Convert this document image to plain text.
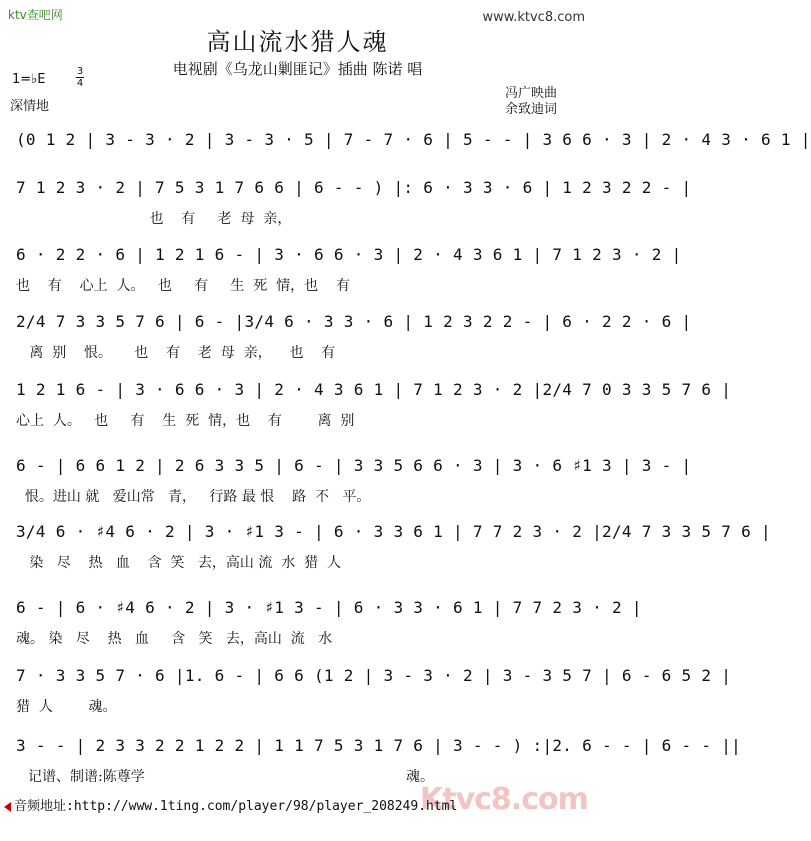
ktv查吧网	www.ktvc8.com
高山流水猎人魂
电视剧《乌龙山剿匪记》插曲 陈诺 唱
1=♭E
3
4
深情地
冯广映曲
余致迪词
(0 1 2 | 3 - 3 · 2 | 3 - 3 · 5 | 7 - 7 · 6 | 5 - - | 3 6 6 · 3 | 2 · 4 3 · 6 1 |
7 1 2 3 · 2 | 7 5 3 1 7 6 6 | 6 - - ) |: 6 · 3 3 · 6 | 1 2 3 2 2 - |
也    有     老  母  亲，
6 · 2 2 · 6 | 1 2 1 6 - | 3 · 6 6 · 3 | 2 · 4 3 6 1 | 7 1 2 3 · 2 |
也    有    心上  人。   也     有     生  死  情，也    有
2/4 7 3 3 5 7 6 | 6 - |3/4 6 · 3 3 · 6 | 1 2 3 2 2 - | 6 · 2 2 · 6 |
离  别    恨。     也    有    老  母  亲，    也    有
1 2 1 6 - | 3 · 6 6 · 3 | 2 · 4 3 6 1 | 7 1 2 3 · 2 |2/4 7 0 3 3 5 7 6 |
心上  人。   也     有    生  死  情，也    有        离  别
6 - | 6 6 1 2 | 2 6 3 3 5 | 6 - | 3 3 5 6 6 · 3 | 3 · 6 ♯1 3 | 3 - |
恨。进山 就   爱山常   青，   行路 最 恨    路  不   平。
3/4 6 · ♯4 6 · 2 | 3 · ♯1 3 - | 6 · 3 3 6 1 | 7 7 2 3 · 2 |2/4 7 3 3 5 7 6 |
染   尽    热   血    含  笑   去，高山 流  水  猎  人
6 - | 6 · ♯4 6 · 2 | 3 · ♯1 3 - | 6 · 3 3 · 6 1 | 7 7 2 3 · 2 |
魂。 染   尽    热   血     含   笑   去，高山  流   水
7 · 3 3 5 7 · 6 |1. 6 - | 6 6 (1 2 | 3 - 3 · 2 | 3 - 3 5 7 | 6 - 6 5 2 |
猎  人        魂。
3 - - | 2 3 3 2 2 1 2 2 | 1 1 7 5 3 1 7 6 | 3 - - ) :|2. 6 - - | 6 - - ||
记谱、制谱:陈尊学	魂。
Ktvc8.com
音频地址:http://www.1ting.com/player/98/player_208249.html
